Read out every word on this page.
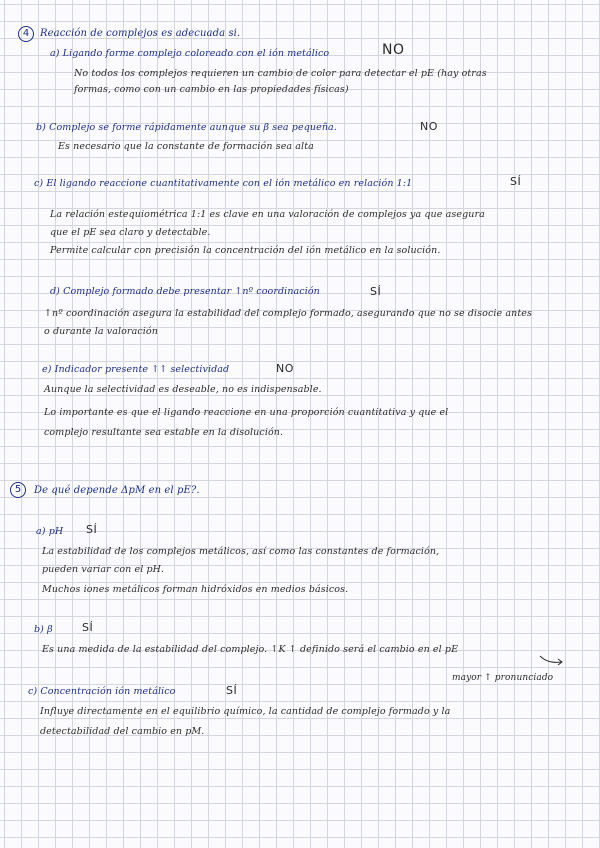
4	Reacción de complejos es adecuada si.
a) Ligando forme complejo coloreado con el ión metálico	NO
No todos los complejos requieren un cambio de color para detectar el pE (hay otras
formas, como con un cambio en las propiedades físicas)
b) Complejo se forme rápidamente aunque su β sea pequeña.	NO
Es necesario que la constante de formación sea alta
c) El ligando reaccione cuantitativamente con el ión metálico en relación 1:1	SÍ
La relación estequiométrica 1:1 es clave en una valoración de complejos ya que asegura
que el pE sea claro y detectable.
Permite calcular con precisión la concentración del ión metálico en la solución.
d) Complejo formado debe presentar ↑nº coordinación	SÍ
↑nº coordinación asegura la estabilidad del complejo formado, asegurando que no se disocie antes
o durante la valoración
e) Indicador presente ↑↑ selectividad	NO
Aunque la selectividad es deseable, no es indispensable.
Lo importante es que el ligando reaccione en una proporción cuantitativa y que el
complejo resultante sea estable en la disolución.
5	De qué depende ΔpM en el pE?.
a) pH SÍ
La estabilidad de los complejos metálicos, así como las constantes de formación,
pueden variar con el pH.
Muchos iones metálicos forman hidróxidos en medios básicos.
b) β	SÍ
Es una medida de la estabilidad del complejo. ↑K ↑ definido será el cambio en el pE
mayor ↑ pronunciado
c) Concentración ión metálico	SÍ
Influye directamente en el equilibrio químico, la cantidad de complejo formado y la
detectabilidad del cambio en pM.
